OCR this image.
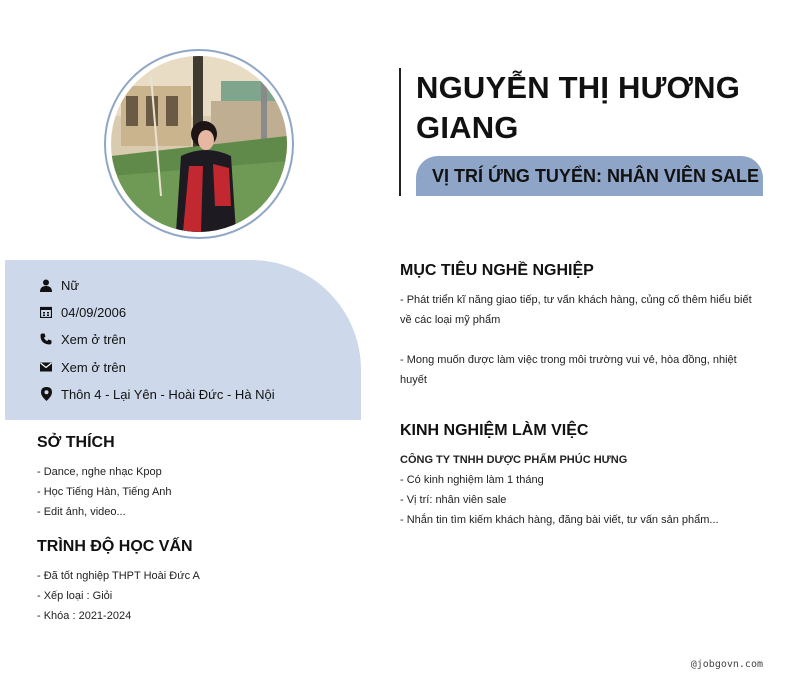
NGUYỄN THỊ HƯƠNG GIANG
VỊ TRÍ ỨNG TUYỂN: NHÂN VIÊN SALE
Nữ
04/09/2006
Xem ở trên
Xem ở trên
Thôn 4 - Lại Yên - Hoài Đức - Hà Nội
SỞ THÍCH
- Dance, nghe nhạc Kpop
- Học Tiếng Hàn, Tiếng Anh
- Edit ảnh, video...
TRÌNH ĐỘ HỌC VẤN
- Đã tốt nghiệp THPT Hoài Đức A
- Xếp loại : Giỏi
- Khóa : 2021-2024
MỤC TIÊU NGHỀ NGHIỆP
- Phát triển kĩ năng giao tiếp, tư vấn khách hàng, củng cố thêm hiểu biết
về các loại mỹ phẩm
- Mong muốn được làm việc trong môi trường vui vẻ, hòa đồng, nhiệt
huyết
KINH NGHIỆM LÀM VIỆC
CÔNG TY TNHH DƯỢC PHẨM PHÚC HƯNG
- Có kinh nghiệm làm 1 tháng
- Vị trí: nhân viên sale
- Nhắn tin tìm kiếm khách hàng, đăng bài viết, tư vấn sản phẩm...
@jobgovn.com
